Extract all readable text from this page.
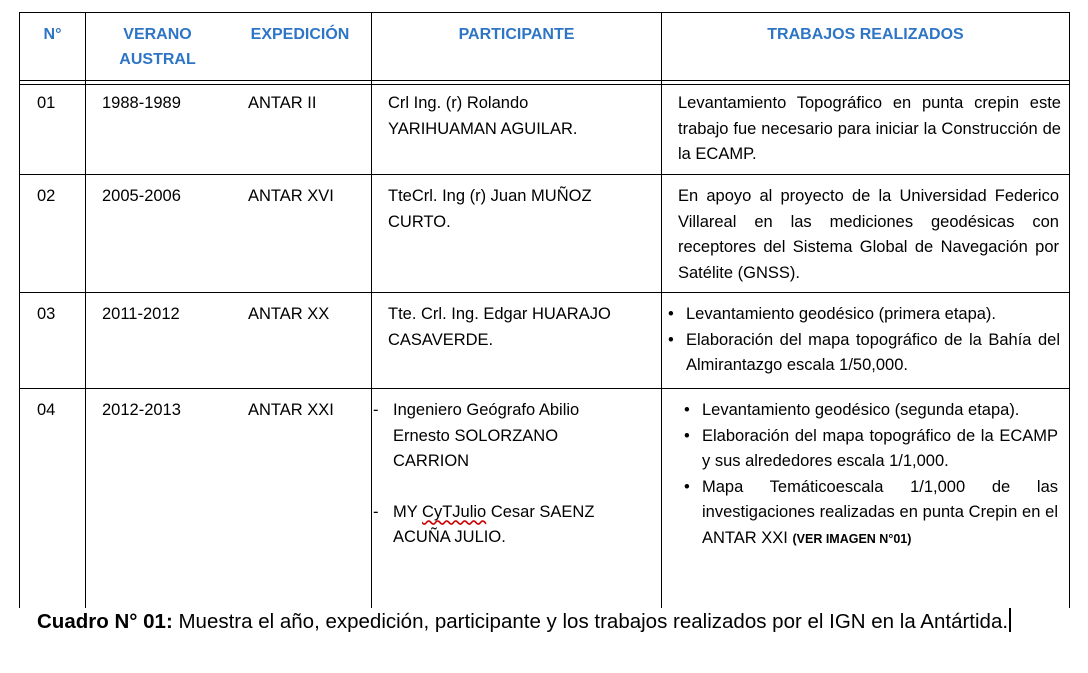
N°	VERANO AUSTRAL
EXPEDICIÓN	PARTICIPANTE	TRABAJOS REALIZADOS
01	1988-1989	ANTAR II	Crl Ing. (r) Rolando YARIHUAMAN AGUILAR.
Levantamiento Topográfico en punta crepin este trabajo fue necesario para iniciar la Construcción de la ECAMP.
02	2005-2006	ANTAR XVI	TteCrl. Ing (r) Juan MUÑOZ CURTO.
En apoyo al proyecto de la Universidad Federico Villareal en las mediciones geodésicas con receptores del Sistema Global de Navegación por Satélite (GNSS).
03	2011-2012	ANTAR XX	Tte. Crl. Ing. Edgar HUARAJO CASAVERDE.
• Levantamiento geodésico (primera etapa).
• Elaboración del mapa topográfico de la Bahía del Almirantazgo escala 1/50,000.
04	2012-2013	ANTAR XXI
-	Ingeniero Geógrafo Abilio Ernesto SOLORZANO CARRION
- MY CyTJulio Cesar SAENZ ACUÑA JULIO.
• Levantamiento geodésico (segunda etapa).
• Elaboración del mapa topográfico de la ECAMP y sus alrededores escala 1/1,000.
• Mapa Temáticoescala 1/1,000 de las investigaciones realizadas en punta Crepin en el ANTAR XXI (VER IMAGEN N°01)
Cuadro N° 01: Muestra el año, expedición, participante y los trabajos realizados por el IGN en la Antártida.
